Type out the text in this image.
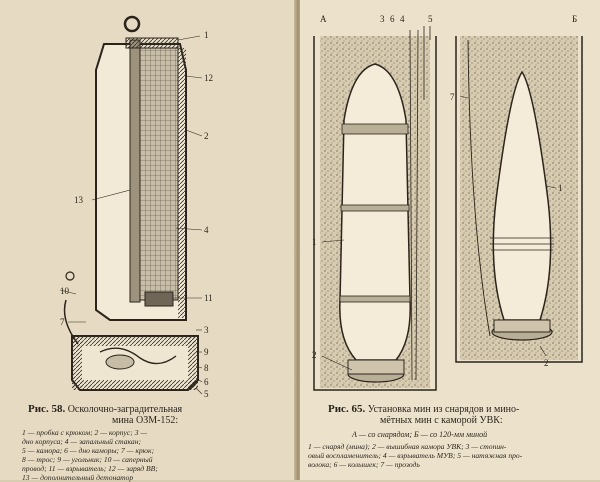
1
12
2
13
4
10
11
7
3
9
8
6
5
Рис. 58. Осколочно-заградительная
мина ОЗМ-152:
1 — пробка с крюком; 2 — корпус; 3 —
дно корпуса; 4 — запальный стакан;
5 — камора; 6 — дно каморы; 7 — крюк;
8 — трос; 9 — угольник; 10 — саперный
провод; 11 — взрыватель; 12 — заряд ВВ;
13 — дополнительный детонатор
А	Б
3 6 4	5
7
1
2
1
2
Рис. 65. Установка мин из снарядов и мино-
мётных мин с каморой УВК:
А — со снарядом; Б — со 120-мм миной
1 — снаряд (мина); 2 — вышибная камора УВК; 3 — стопин-
овый воспламенитель; 4 — взрыватель МУВ; 5 — натяжная про-
волока; 6 — колышек; 7 — прозодь
